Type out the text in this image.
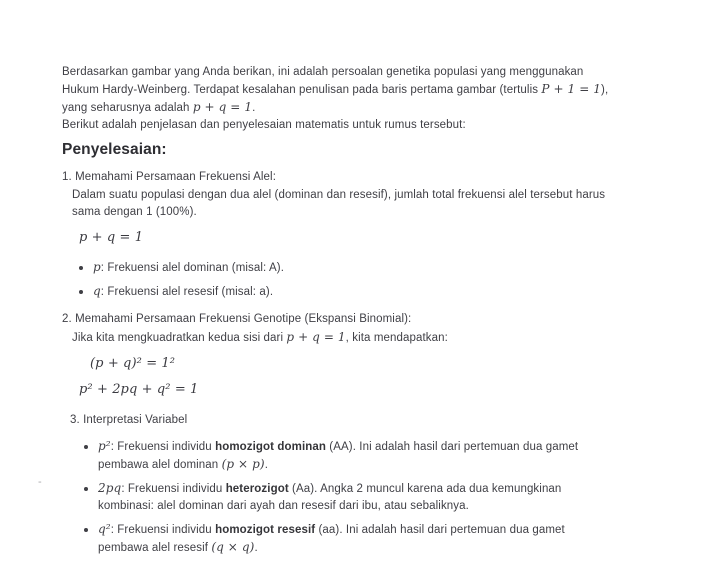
Berdasarkan gambar yang Anda berikan, ini adalah persoalan genetika populasi yang menggunakan Hukum Hardy-Weinberg. Terdapat kesalahan penulisan pada baris pertama gambar (tertulis P + 1 = 1), yang seharusnya adalah p + q = 1.

Berikut adalah penjelasan dan penyelesaian matematis untuk rumus tersebut:

Penyelesaian:

1. Memahami Persamaan Frekuensi Alel:

Dalam suatu populasi dengan dua alel (dominan dan resesif), jumlah total frekuensi alel tersebut harus sama dengan 1 (100%).

p + q = 1
p: Frekuensi alel dominan (misal: A).
q: Frekuensi alel resesif (misal: a).

2. Memahami Persamaan Frekuensi Genotipe (Ekspansi Binomial):

Jika kita mengkuadratkan kedua sisi dari p + q = 1, kita mendapatkan:

(p + q)² = 1²
p² + 2pq + q² = 1

3. Interpretasi Variabel

p²: Frekuensi individu homozigot dominan (AA). Ini adalah hasil dari pertemuan dua gamet pembawa alel dominan (p × p).
2pq: Frekuensi individu heterozigot (Aa). Angka 2 muncul karena ada dua kemungkinan kombinasi: alel dominan dari ayah dan resesif dari ibu, atau sebaliknya.
q²: Frekuensi individu homozigot resesif (aa). Ini adalah hasil dari pertemuan dua gamet pembawa alel resesif (q × q).
-
